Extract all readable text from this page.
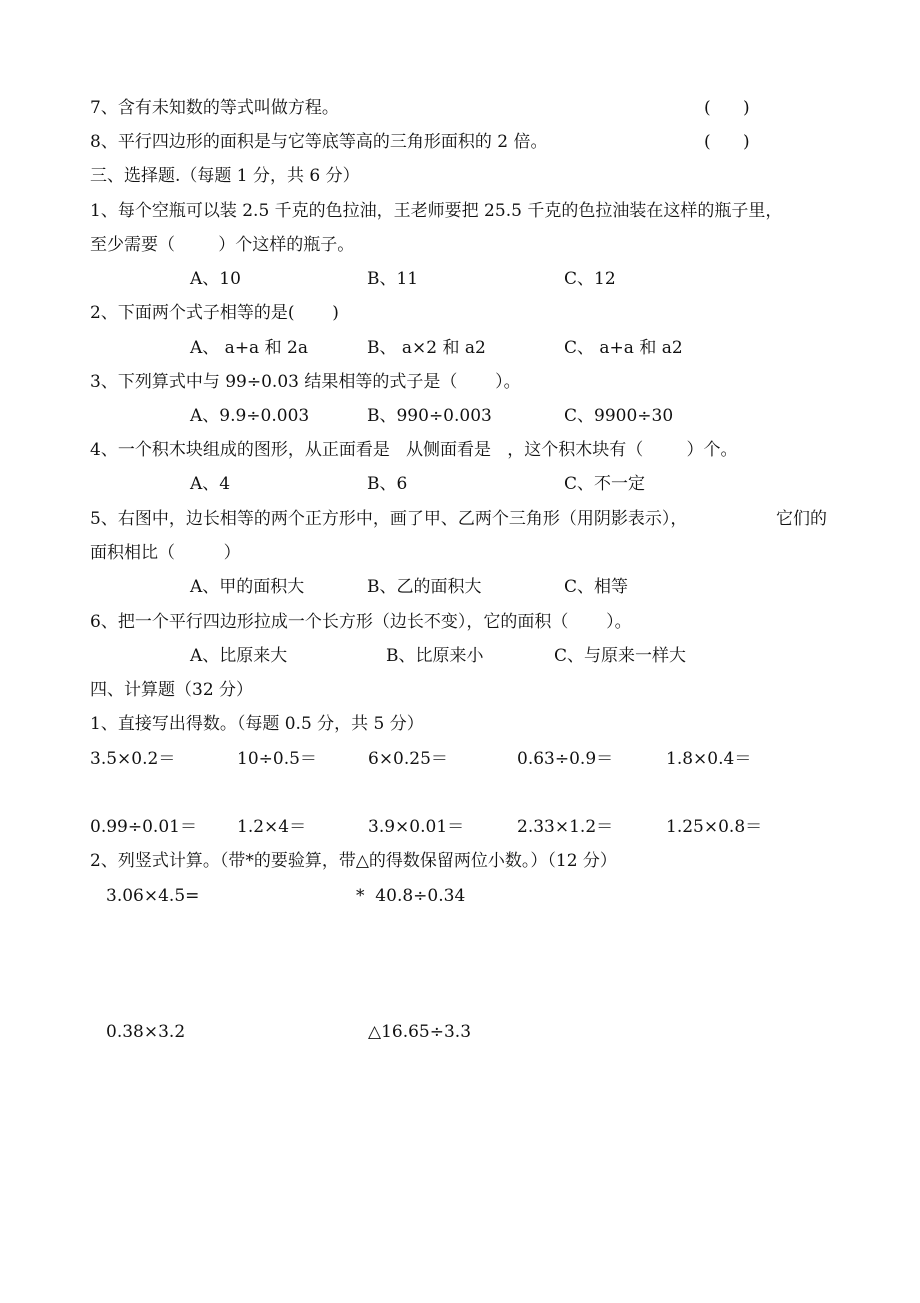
7、含有未知数的等式叫做方程。	(      )
8、平行四边形的面积是与它等底等高的三角形面积的 2 倍。	(      )
三、选择题.（每题 1 分，共 6 分）
1、每个空瓶可以装 2.5 千克的色拉油，王老师要把 25.5 千克的色拉油装在这样的瓶子里，
至少需要（        ）个这样的瓶子。
A、10	B、11	C、12
2、下面两个式子相等的是(       )
A、 a+a 和 2a	B、 a×2 和 a2	C、 a+a 和 a2
3、下列算式中与 99÷0.03 结果相等的式子是（       ）。
A、9.9÷0.003	B、990÷0.003	C、9900÷30
4、一个积木块组成的图形，从正面看是   从侧面看是   ，这个积木块有（        ）个。
A、4	B、6	C、不一定
5、右图中，边长相等的两个正方形中，画了甲、乙两个三角形（用阴影表示），	它们的
面积相比（         ）
A、甲的面积大	B、乙的面积大	C、相等
6、把一个平行四边形拉成一个长方形（边长不变），它的面积（       ）。
A、比原来大	B、比原来小	C、与原来一样大
四、计算题（32 分）
1、直接写出得数。（每题 0.5 分，共 5 分）
3.5×0.2＝	10÷0.5＝	6×0.25＝	0.63÷0.9＝	1.8×0.4＝
0.99÷0.01＝ 1.2×4＝	3.9×0.01＝	2.33×1.2＝	1.25×0.8＝
2、列竖式计算。（带*的要验算，带△的得数保留两位小数。）（12 分）
3.06×4.5=	*  40.8÷0.34
0.38×3.2	△16.65÷3.3
